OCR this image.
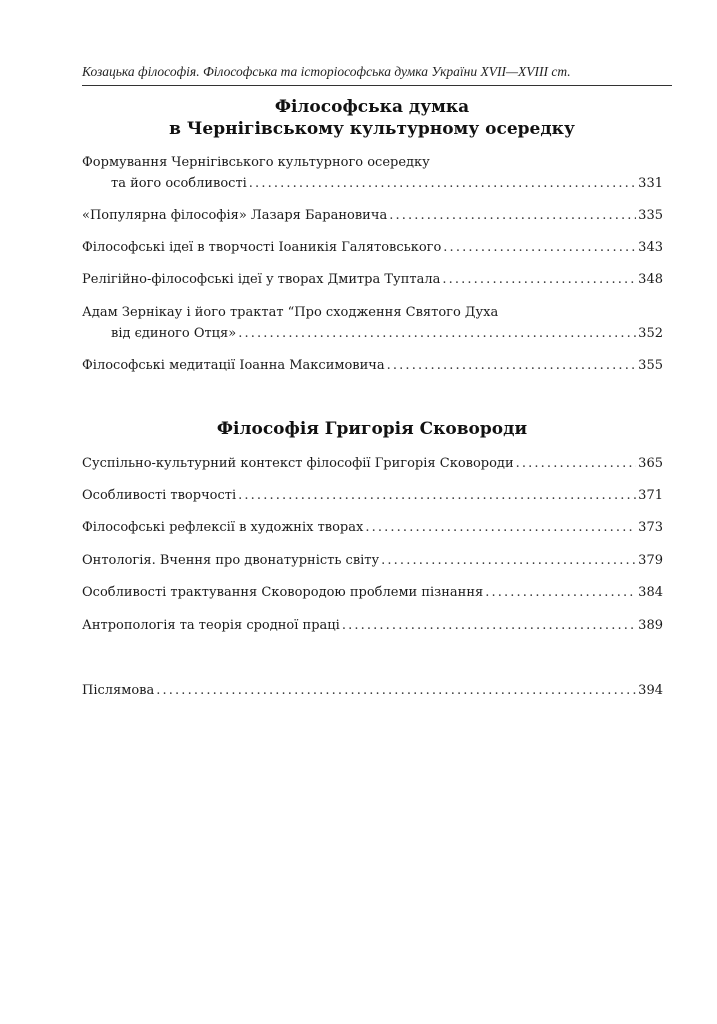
Козацька філософія. Філософська та історіософська думка України XVII—XVIII ст.
Філософська думка
в Чернігівському культурному осередку
Формування Чернігівського культурного осередку
та його особливості . . .	331
«Популярна філософія» Лазаря Барановича . . .	335
Філософські ідеї в творчості Іоаникія Галятовського . . .	343
Релігійно-філософські ідеї у творах Дмитра Туптала . . .	348
Адам Зернікау і його трактат “Про сходження Святого Духа
від єдиного Отця» . . .	352
Філософські медитації Іоанна Максимовича . . .	355
Філософія Григорія Сковороди
Суспільно-культурний контекст філософії Григорія Сковороди . . .	365
Особливості творчості . . .	371
Філософські рефлексії в художніх творах . . .	373
Онтологія. Вчення про двонатурність світу . . .	379
Особливості трактування Сковородою проблеми пізнання . . .	384
Антропологія та теорія сродної праці . . .	389
Післямова . . .	394
